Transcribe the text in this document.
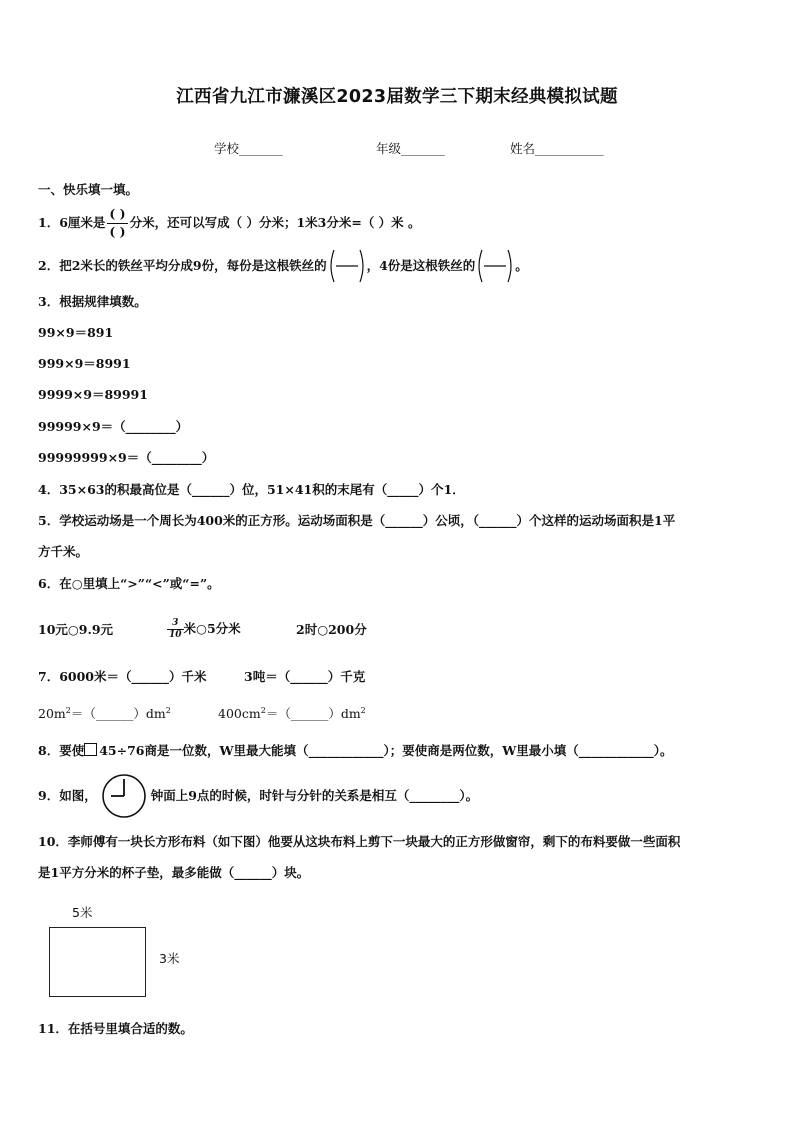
江西省九江市濂溪区2023届数学三下期末经典模拟试题
学校_______	年级_______	姓名___________
一、快乐填一填。
1．6厘米是 $\frac{( )}{( )}$ 分米，还可以写成（ ）分米；1米3分米=（ ）米 。
2．把2米长的铁丝平均分成9份，每份是这根铁丝的	，4份是这根铁丝的	。
3．根据规律填数。
99×9＝891
999×9＝8991
9999×9＝89991
99999×9＝（________）
99999999×9＝（________）
4．35×63的积最高位是（______）位，51×41积的末尾有（_____）个1．
5．学校运动场是一个周长为400米的正方形。运动场面积是（______）公顷，（______）个这样的运动场面积是1平
方千米。
6．在○里填上“>”“<”或“=”。
10元○9.9元	$\frac{3}{10}$ 米○5分米	2时○200分
7．6000米＝（______）千米	3吨＝（______）千克
$20m^2=(\_\_\_\_\_\_)dm^2$	$400cm^2=(\_\_\_\_\_\_)dm^2$
8．要使 45÷76商是一位数，W里最大能填（____________）；要使商是两位数，W里最小填（____________）。
9．如图，	钟面上9点的时候，时针与分针的关系是相互（________）。
10．李师傅有一块长方形布料（如下图）他要从这块布料上剪下一块最大的正方形做窗帘，剩下的布料要做一些面积
是1平方分米的杯子垫，最多能做（______）块。
5米
3米
11．在括号里填合适的数。
